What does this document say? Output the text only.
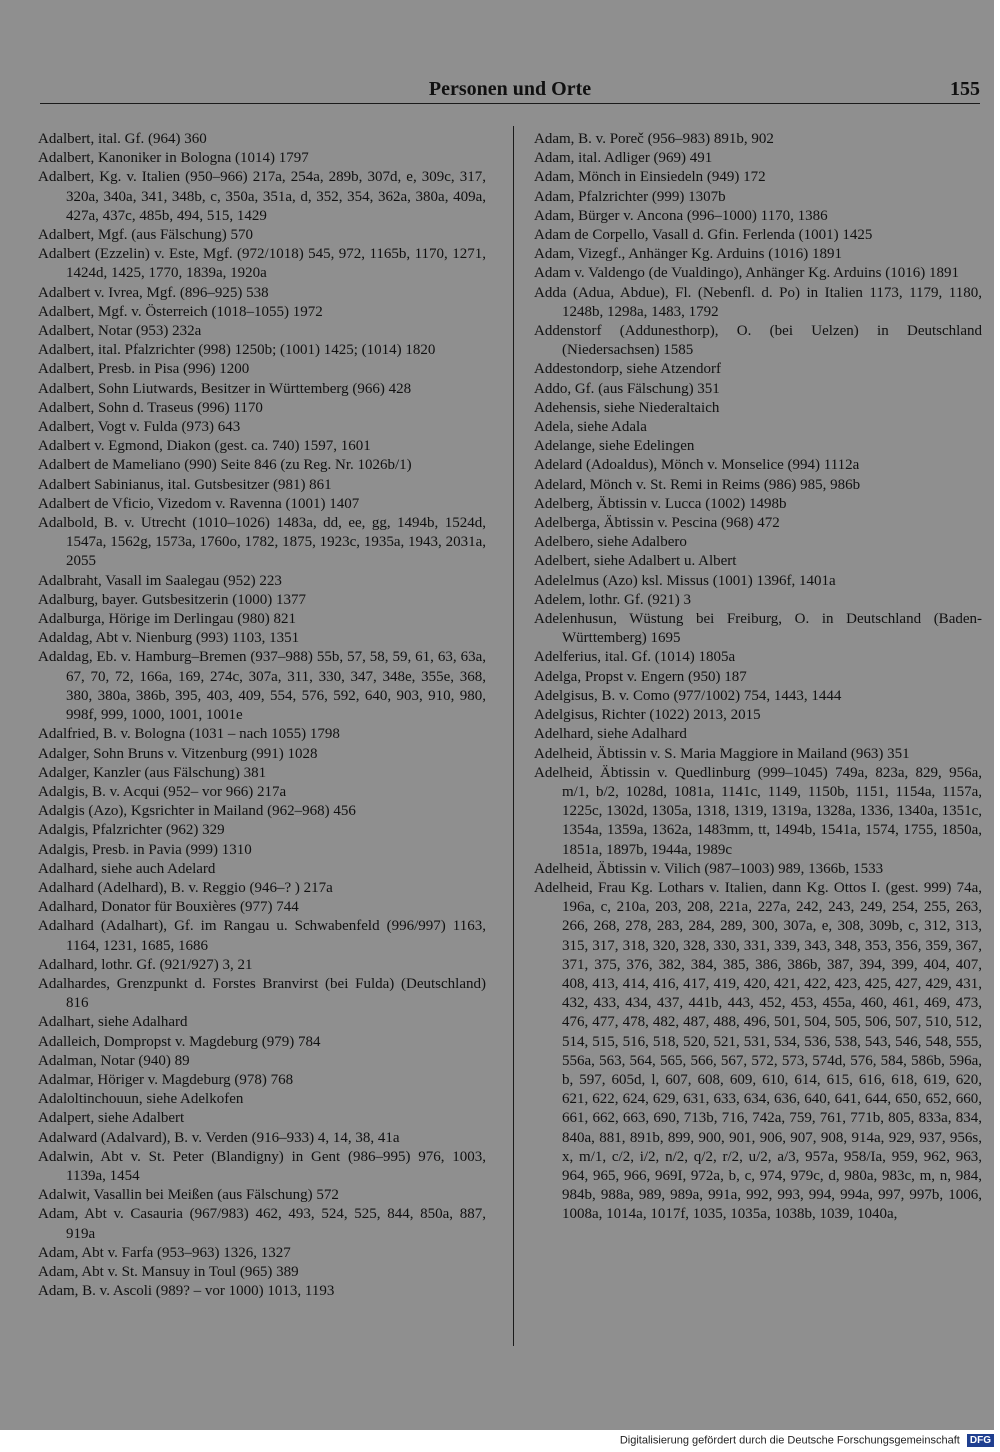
Personen und Orte	155
Adalbert, ital. Gf. (964) 360
Adalbert, Kanoniker in Bologna (1014) 1797
Adalbert, Kg. v. Italien (950–966) 217a, 254a, 289b, 307d, e, 309c, 317, 320a, 340a, 341, 348b, c, 350a, 351a, d, 352, 354, 362a, 380a, 409a, 427a, 437c, 485b, 494, 515, 1429
Adalbert, Mgf. (aus Fälschung) 570
Adalbert (Ezzelin) v. Este, Mgf. (972/1018) 545, 972, 1165b, 1170, 1271, 1424d, 1425, 1770, 1839a, 1920a
Adalbert v. Ivrea, Mgf. (896–925) 538
Adalbert, Mgf. v. Österreich (1018–1055) 1972
Adalbert, Notar (953) 232a
Adalbert, ital. Pfalzrichter (998) 1250b; (1001) 1425; (1014) 1820
Adalbert, Presb. in Pisa (996) 1200
Adalbert, Sohn Liutwards, Besitzer in Württemberg (966) 428
Adalbert, Sohn d. Traseus (996) 1170
Adalbert, Vogt v. Fulda (973) 643
Adalbert v. Egmond, Diakon (gest. ca. 740) 1597, 1601
Adalbert de Mameliano (990) Seite 846 (zu Reg. Nr. 1026b/1)
Adalbert Sabinianus, ital. Gutsbesitzer (981) 861
Adalbert de Vficio, Vizedom v. Ravenna (1001) 1407
Adalbold, B. v. Utrecht (1010–1026) 1483a, dd, ee, gg, 1494b, 1524d, 1547a, 1562g, 1573a, 1760o, 1782, 1875, 1923c, 1935a, 1943, 2031a, 2055
Adalbraht, Vasall im Saalegau (952) 223
Adalburg, bayer. Gutsbesitzerin (1000) 1377
Adalburga, Hörige im Derlingau (980) 821
Adaldag, Abt v. Nienburg (993) 1103, 1351
Adaldag, Eb. v. Hamburg–Bremen (937–988) 55b, 57, 58, 59, 61, 63, 63a, 67, 70, 72, 166a, 169, 274c, 307a, 311, 330, 347, 348e, 355e, 368, 380, 380a, 386b, 395, 403, 409, 554, 576, 592, 640, 903, 910, 980, 998f, 999, 1000, 1001, 1001e
Adalfried, B. v. Bologna (1031 – nach 1055) 1798
Adalger, Sohn Bruns v. Vitzenburg (991) 1028
Adalger, Kanzler (aus Fälschung) 381
Adalgis, B. v. Acqui (952– vor 966) 217a
Adalgis (Azo), Kgsrichter in Mailand (962–968) 456
Adalgis, Pfalzrichter (962) 329
Adalgis, Presb. in Pavia (999) 1310
Adalhard, siehe auch Adelard
Adalhard (Adelhard), B. v. Reggio (946–? ) 217a
Adalhard, Donator für Bouxières (977) 744
Adalhard (Adalhart), Gf. im Rangau u. Schwabenfeld (996/997) 1163, 1164, 1231, 1685, 1686
Adalhard, lothr. Gf. (921/927) 3, 21
Adalhardes, Grenzpunkt d. Forstes Branvirst (bei Fulda) (Deutschland) 816
Adalhart, siehe Adalhard
Adalleich, Dompropst v. Magdeburg (979) 784
Adalman, Notar (940) 89
Adalmar, Höriger v. Magdeburg (978) 768
Adaloltinchouun, siehe Adelkofen
Adalpert, siehe Adalbert
Adalward (Adalvard), B. v. Verden (916–933) 4, 14, 38, 41a
Adalwin, Abt v. St. Peter (Blandigny) in Gent (986–995) 976, 1003, 1139a, 1454
Adalwit, Vasallin bei Meißen (aus Fälschung) 572
Adam, Abt v. Casauria (967/983) 462, 493, 524, 525, 844, 850a, 887, 919a
Adam, Abt v. Farfa (953–963) 1326, 1327
Adam, Abt v. St. Mansuy in Toul (965) 389
Adam, B. v. Ascoli (989? – vor 1000) 1013, 1193
Adam, B. v. Poreč (956–983) 891b, 902
Adam, ital. Adliger (969) 491
Adam, Mönch in Einsiedeln (949) 172
Adam, Pfalzrichter (999) 1307b
Adam, Bürger v. Ancona (996–1000) 1170, 1386
Adam de Corpello, Vasall d. Gfin. Ferlenda (1001) 1425
Adam, Vizegf., Anhänger Kg. Arduins (1016) 1891
Adam v. Valdengo (de Vualdingo), Anhänger Kg. Arduins (1016) 1891
Adda (Adua, Abdue), Fl. (Nebenfl. d. Po) in Italien 1173, 1179, 1180, 1248b, 1298a, 1483, 1792
Addenstorf (Addunesthorp), O. (bei Uelzen) in Deutschland (Niedersachsen) 1585
Addestondorp, siehe Atzendorf
Addo, Gf. (aus Fälschung) 351
Adehensis, siehe Niederaltaich
Adela, siehe Adala
Adelange, siehe Edelingen
Adelard (Adoaldus), Mönch v. Monselice (994) 1112a
Adelard, Mönch v. St. Remi in Reims (986) 985, 986b
Adelberg, Äbtissin v. Lucca (1002) 1498b
Adelberga, Äbtissin v. Pescina (968) 472
Adelbero, siehe Adalbero
Adelbert, siehe Adalbert u. Albert
Adelelmus (Azo) ksl. Missus (1001) 1396f, 1401a
Adelem, lothr. Gf. (921) 3
Adelenhusun, Wüstung bei Freiburg, O. in Deutschland (Baden-Württemberg) 1695
Adelferius, ital. Gf. (1014) 1805a
Adelga, Propst v. Engern (950) 187
Adelgisus, B. v. Como (977/1002) 754, 1443, 1444
Adelgisus, Richter (1022) 2013, 2015
Adelhard, siehe Adalhard
Adelheid, Äbtissin v. S. Maria Maggiore in Mailand (963) 351
Adelheid, Äbtissin v. Quedlinburg (999–1045) 749a, 823a, 829, 956a, m/1, b/2, 1028d, 1081a, 1141c, 1149, 1150b, 1151, 1154a, 1157a, 1225c, 1302d, 1305a, 1318, 1319, 1319a, 1328a, 1336, 1340a, 1351c, 1354a, 1359a, 1362a, 1483mm, tt, 1494b, 1541a, 1574, 1755, 1850a, 1851a, 1897b, 1944a, 1989c
Adelheid, Äbtissin v. Vilich (987–1003) 989, 1366b, 1533
Adelheid, Frau Kg. Lothars v. Italien, dann Kg. Ottos I. (gest. 999) 74a, 196a, c, 210a, 203, 208, 221a, 227a, 242, 243, 249, 254, 255, 263, 266, 268, 278, 283, 284, 289, 300, 307a, e, 308, 309b, c, 312, 313, 315, 317, 318, 320, 328, 330, 331, 339, 343, 348, 353, 356, 359, 367, 371, 375, 376, 382, 384, 385, 386, 386b, 387, 394, 399, 404, 407, 408, 413, 414, 416, 417, 419, 420, 421, 422, 423, 425, 427, 429, 431, 432, 433, 434, 437, 441b, 443, 452, 453, 455a, 460, 461, 469, 473, 476, 477, 478, 482, 487, 488, 496, 501, 504, 505, 506, 507, 510, 512, 514, 515, 516, 518, 520, 521, 531, 534, 536, 538, 543, 546, 548, 555, 556a, 563, 564, 565, 566, 567, 572, 573, 574d, 576, 584, 586b, 596a, b, 597, 605d, l, 607, 608, 609, 610, 614, 615, 616, 618, 619, 620, 621, 622, 624, 629, 631, 633, 634, 636, 640, 641, 644, 650, 652, 660, 661, 662, 663, 690, 713b, 716, 742a, 759, 761, 771b, 805, 833a, 834, 840a, 881, 891b, 899, 900, 901, 906, 907, 908, 914a, 929, 937, 956s, x, m/1, c/2, i/2, n/2, q/2, r/2, u/2, a/3, 957a, 958/Ia, 959, 962, 963, 964, 965, 966, 969I, 972a, b, c, 974, 979c, d, 980a, 983c, m, n, 984, 984b, 988a, 989, 989a, 991a, 992, 993, 994, 994a, 997, 997b, 1006, 1008a, 1014a, 1017f, 1035, 1035a, 1038b, 1039, 1040a,
Digitalisierung gefördert durch die Deutsche Forschungsgemeinschaft DFG
